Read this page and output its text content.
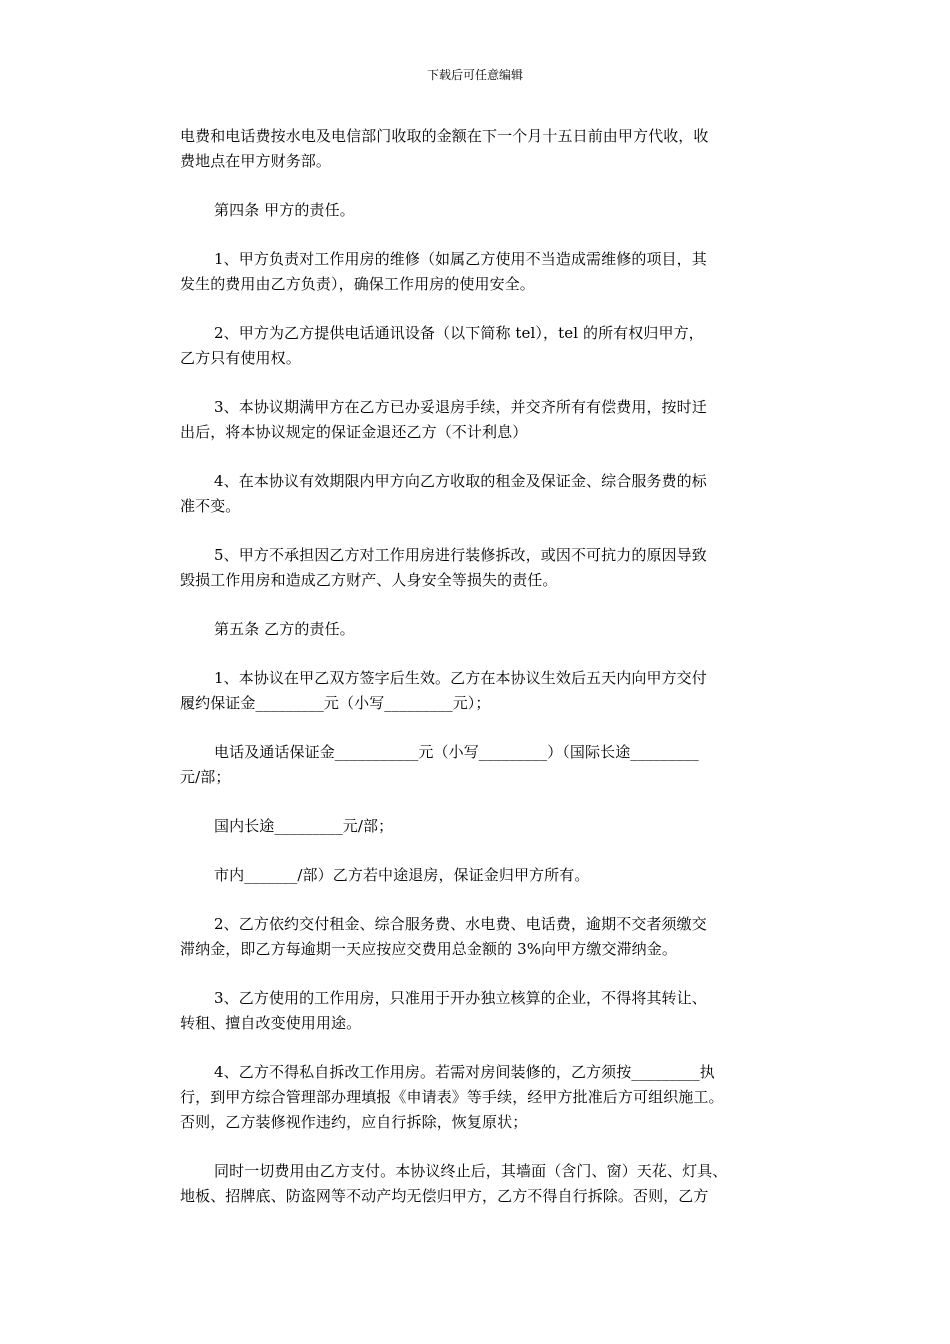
下载后可任意编辑
电费和电话费按水电及电信部门收取的金额在下一个月十五日前由甲方代收，收
费地点在甲方财务部。
第四条 甲方的责任。
1、甲方负责对工作用房的维修（如属乙方使用不当造成需维修的项目，其
发生的费用由乙方负责），确保工作用房的使用安全。
2、甲方为乙方提供电话通讯设备（以下简称 tel），tel 的所有权归甲方，
乙方只有使用权。
3、本协议期满甲方在乙方已办妥退房手续，并交齐所有有偿费用，按时迁
出后，将本协议规定的保证金退还乙方（不计利息）
4、在本协议有效期限内甲方向乙方收取的租金及保证金、综合服务费的标
准不变。
5、甲方不承担因乙方对工作用房进行装修拆改，或因不可抗力的原因导致
毁损工作用房和造成乙方财产、人身安全等损失的责任。
第五条 乙方的责任。
1、本协议在甲乙双方签字后生效。乙方在本协议生效后五天内向甲方交付
履约保证金_________元（小写_________元）；
电话及通话保证金___________元（小写_________）（国际长途_________
元/部；
国内长途_________元/部；
市内_______/部）乙方若中途退房，保证金归甲方所有。
2、乙方依约交付租金、综合服务费、水电费、电话费，逾期不交者须缴交
滞纳金，即乙方每逾期一天应按应交费用总金额的 3%向甲方缴交滞纳金。
3、乙方使用的工作用房，只准用于开办独立核算的企业，不得将其转让、
转租、擅自改变使用用途。
4、乙方不得私自拆改工作用房。若需对房间装修的，乙方须按_________执
行，到甲方综合管理部办理填报《申请表》等手续，经甲方批准后方可组织施工。
否则，乙方装修视作违约，应自行拆除，恢复原状；
同时一切费用由乙方支付。本协议终止后，其墙面（含门、窗）天花、灯具、
地板、招牌底、防盗网等不动产均无偿归甲方，乙方不得自行拆除。否则，乙方
